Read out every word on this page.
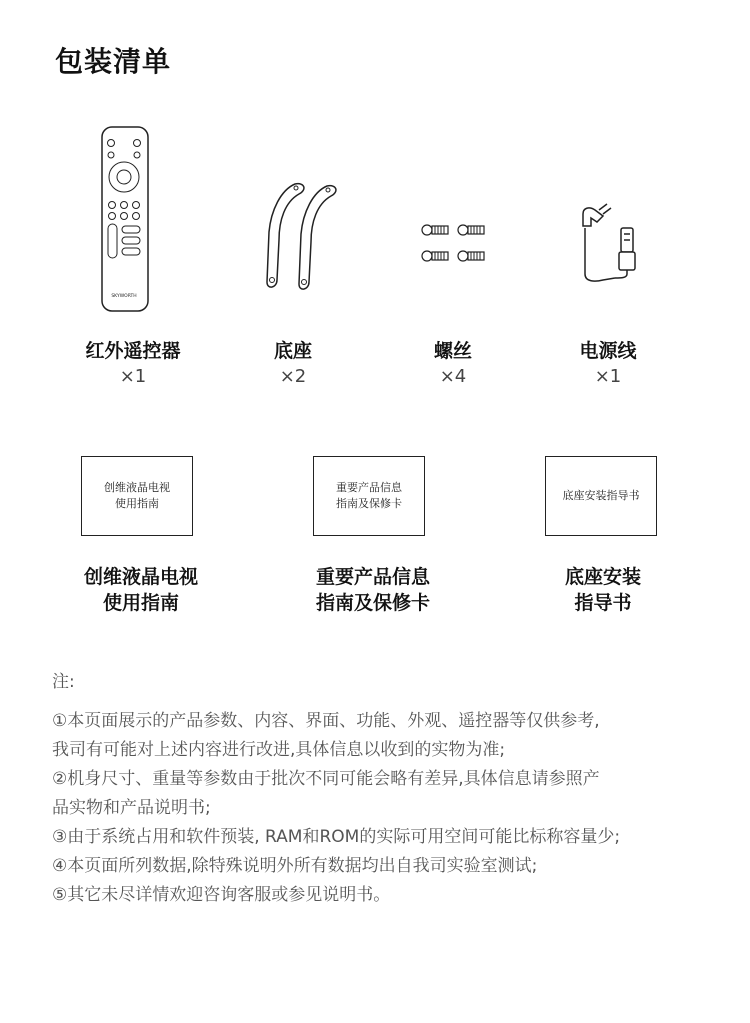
包装清单
SKYWORTH
红外遥控器
×1
底座
×2
螺丝
×4
电源线
×1
创维液晶电视
使用指南
重要产品信息
指南及保修卡
底座安装指导书
创维液晶电视
使用指南
重要产品信息
指南及保修卡
底座安装
指导书
注:
①本页面展示的产品参数、内容、界面、功能、外观、遥控器等仅供参考,
我司有可能对上述内容进行改进,具体信息以收到的实物为准;
②机身尺寸、重量等参数由于批次不同可能会略有差异,具体信息请参照产
品实物和产品说明书;
③由于系统占用和软件预装, RAM和ROM的实际可用空间可能比标称容量少;
④本页面所列数据,除特殊说明外所有数据均出自我司实验室测试;
⑤其它未尽详情欢迎咨询客服或参见说明书。
